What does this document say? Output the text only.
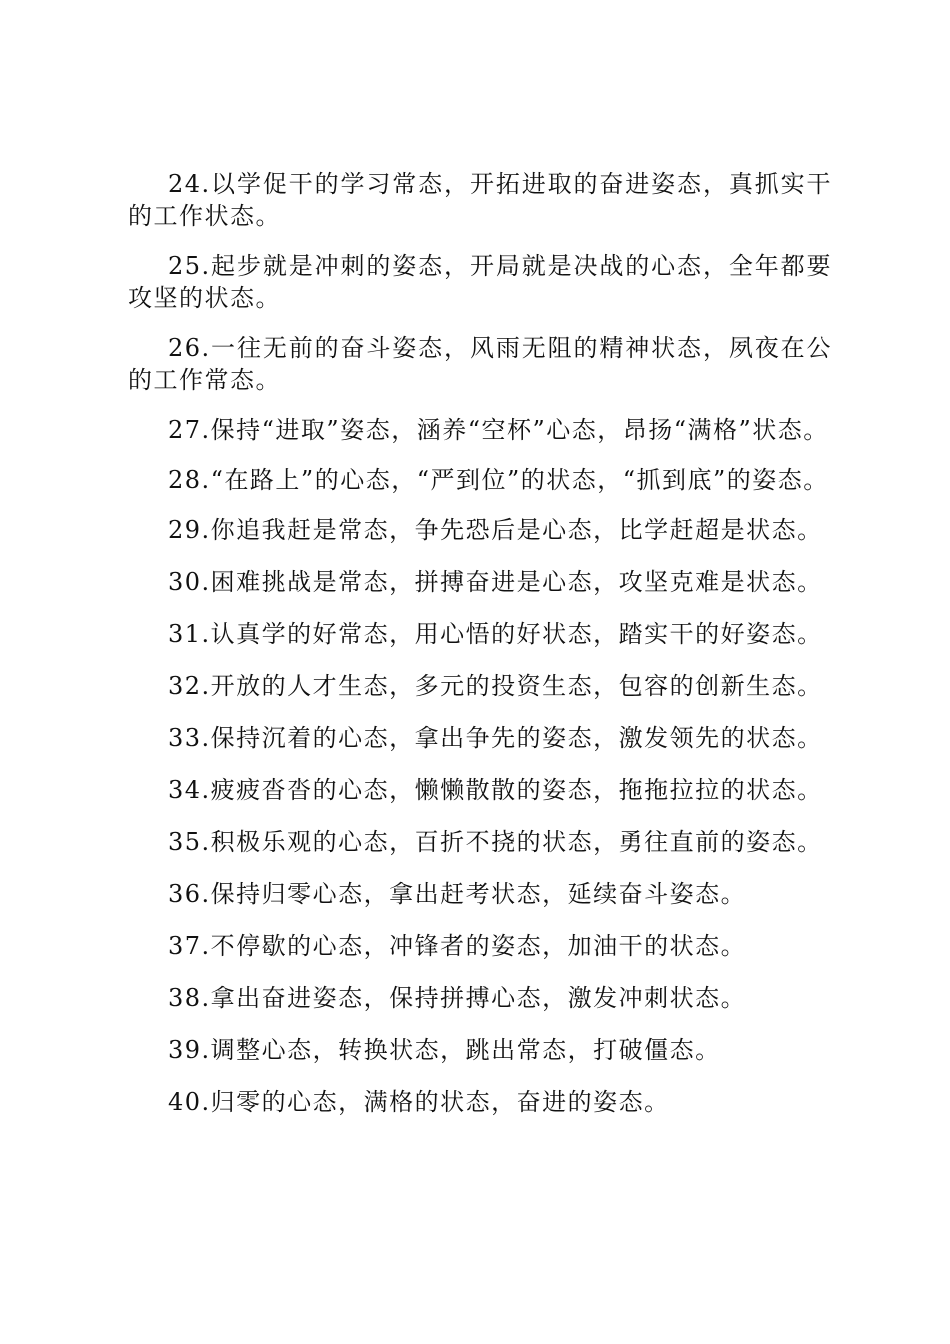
24.以学促干的学习常态，开拓进取的奋进姿态，真抓实干的工作状态。

25.起步就是冲刺的姿态，开局就是决战的心态，全年都要攻坚的状态。

26.一往无前的奋斗姿态，风雨无阻的精神状态，夙夜在公的工作常态。

27.保持“进取”姿态，涵养“空杯”心态，昂扬“满格”状态。

28.“在路上”的心态，“严到位”的状态，“抓到底”的姿态。

29.你追我赶是常态，争先恐后是心态，比学赶超是状态。

30.困难挑战是常态，拼搏奋进是心态，攻坚克难是状态。

31.认真学的好常态，用心悟的好状态，踏实干的好姿态。

32.开放的人才生态，多元的投资生态，包容的创新生态。

33.保持沉着的心态，拿出争先的姿态，激发领先的状态。

34.疲疲沓沓的心态，懒懒散散的姿态，拖拖拉拉的状态。

35.积极乐观的心态，百折不挠的状态，勇往直前的姿态。

36.保持归零心态，拿出赶考状态，延续奋斗姿态。

37.不停歇的心态，冲锋者的姿态，加油干的状态。

38.拿出奋进姿态，保持拼搏心态，激发冲刺状态。

39.调整心态，转换状态，跳出常态，打破僵态。

40.归零的心态，满格的状态，奋进的姿态。
